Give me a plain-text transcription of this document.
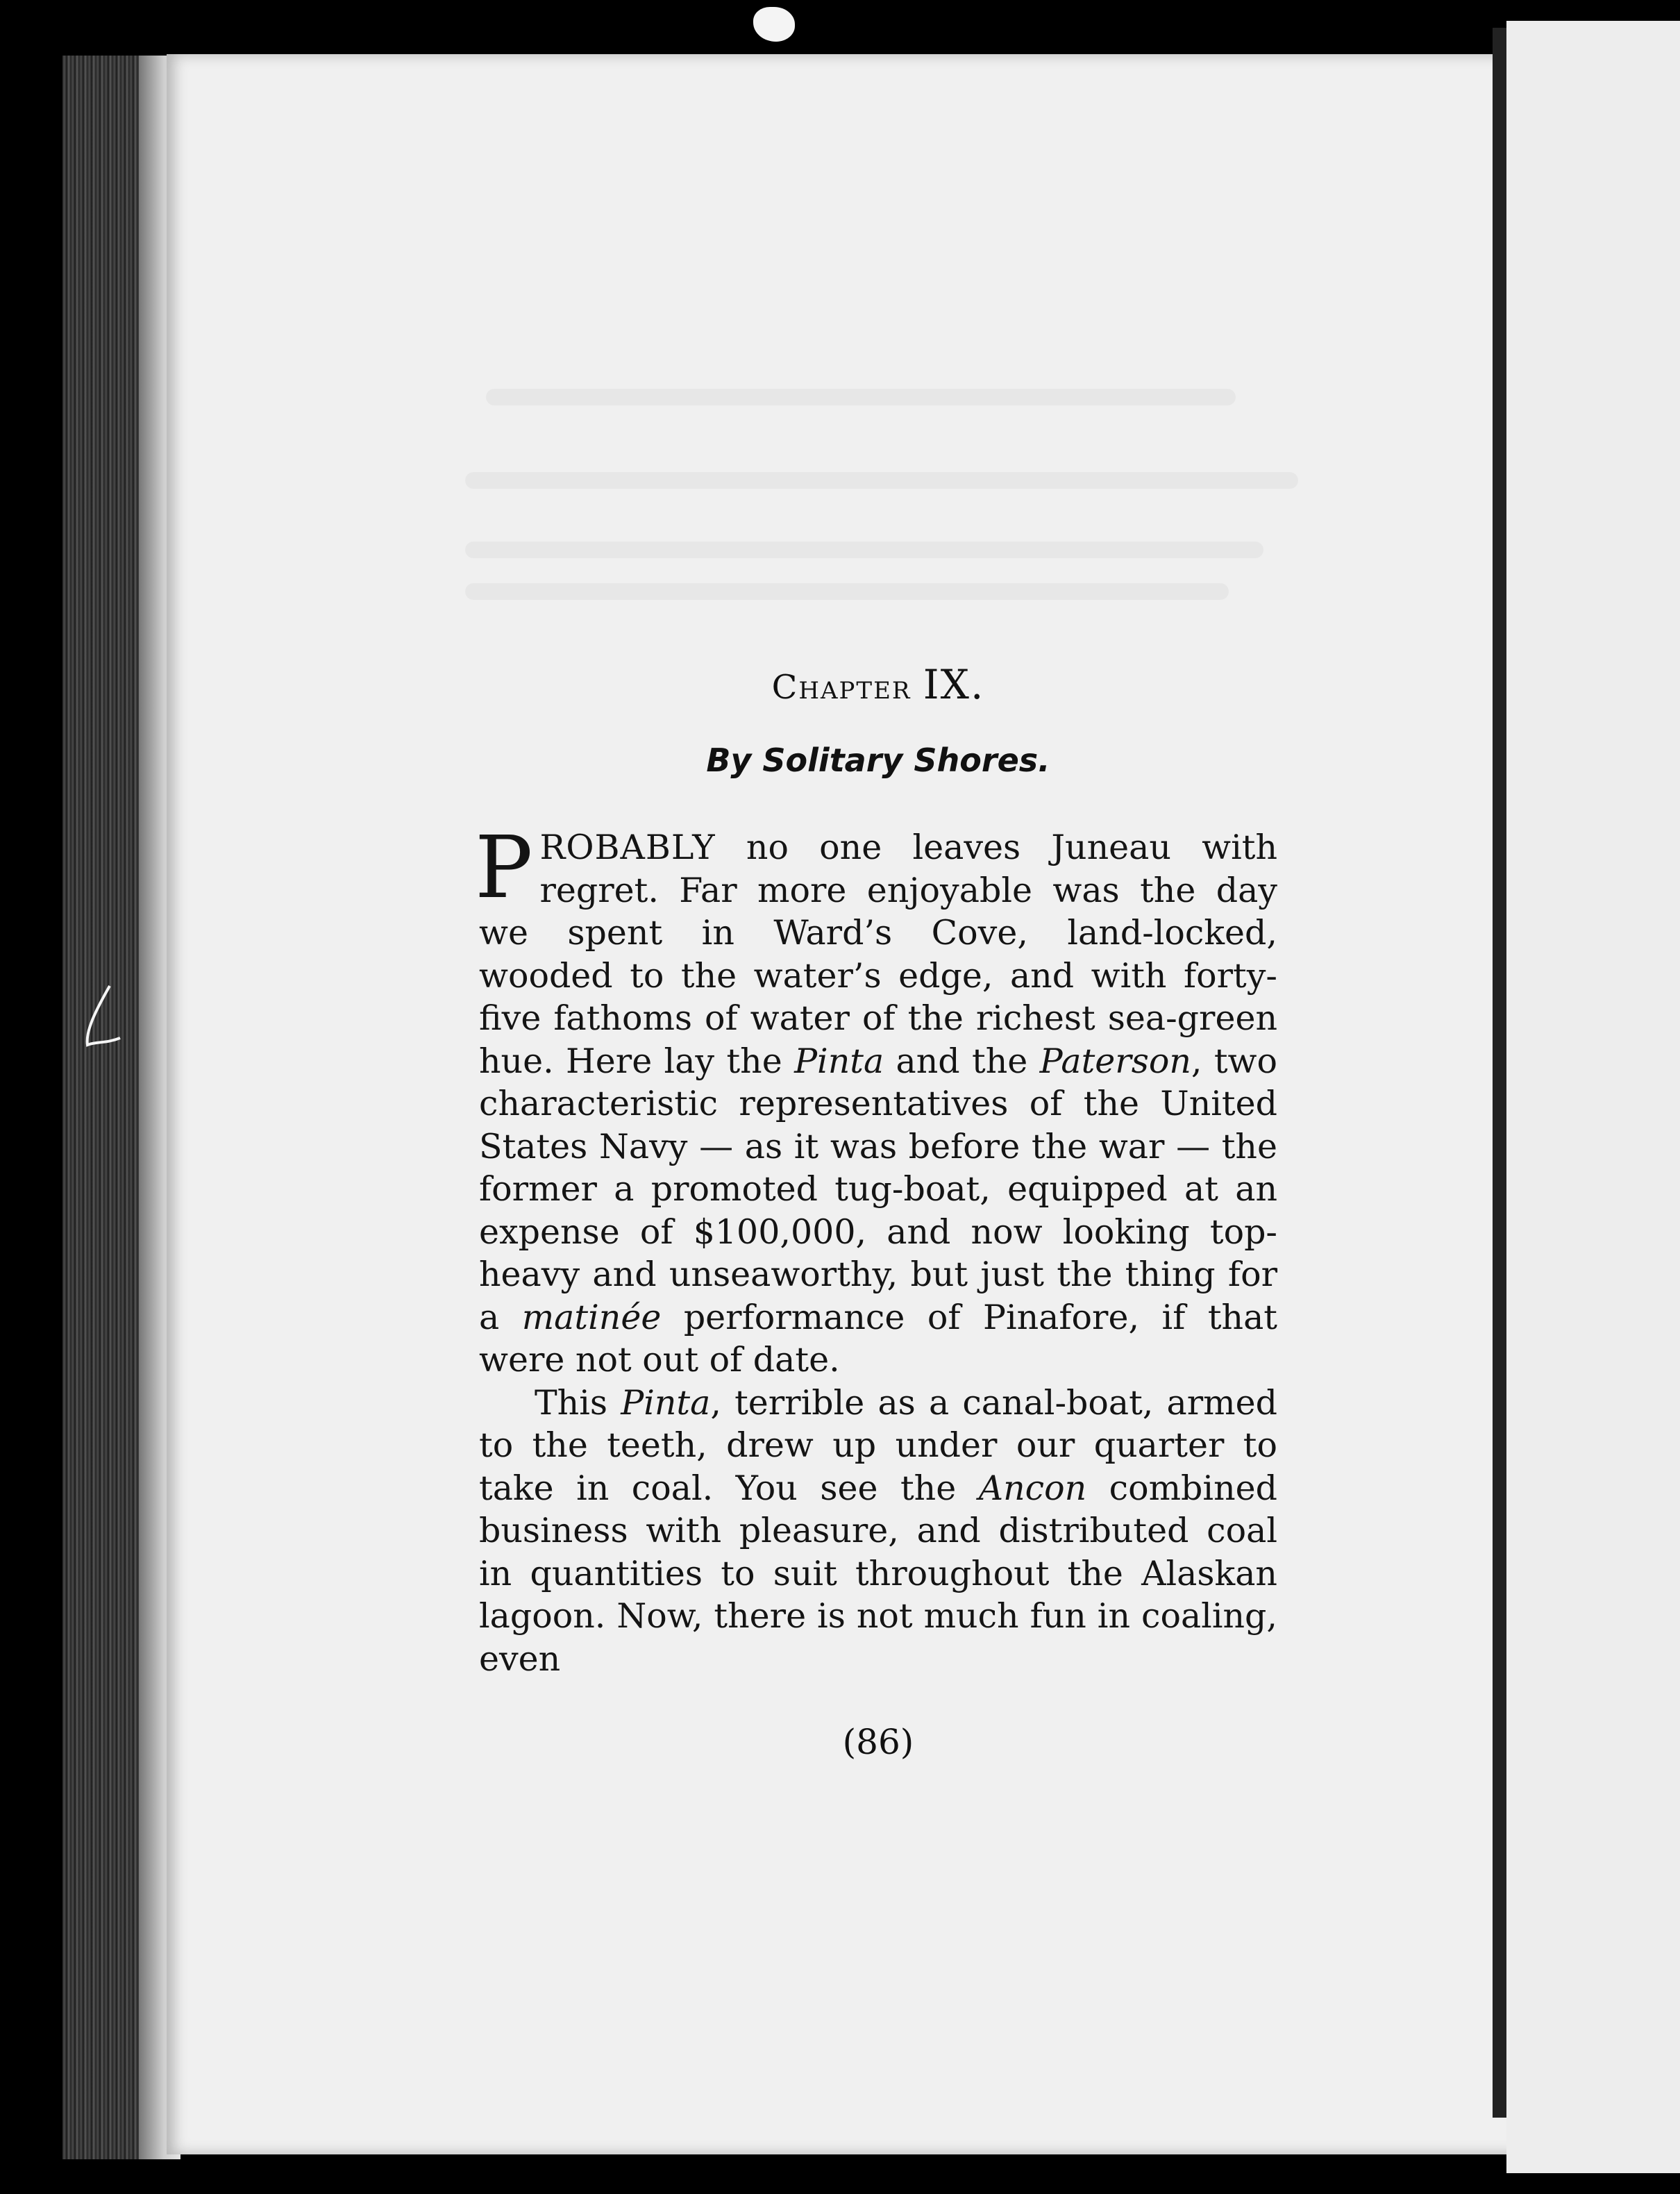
Chapter IX.
By Solitary Shores.

PROBABLY no one leaves Juneau with regret. Far more enjoyable was the day we spent in Ward’s Cove, land-locked, wooded to the water’s edge, and with forty-five fathoms of water of the richest sea-green hue. Here lay the Pinta and the Paterson, two characteristic representatives of the United States Navy — as it was before the war — the former a promoted tug-boat, equipped at an expense of $100,000, and now looking top-heavy and unseaworthy, but just the thing for a matinée performance of Pinafore, if that were not out of date.

This Pinta, terrible as a canal-boat, armed to the teeth, drew up under our quarter to take in coal. You see the Ancon combined business with pleasure, and distributed coal in quantities to suit throughout the Alaskan lagoon. Now, there is not much fun in coaling, even

(86)
